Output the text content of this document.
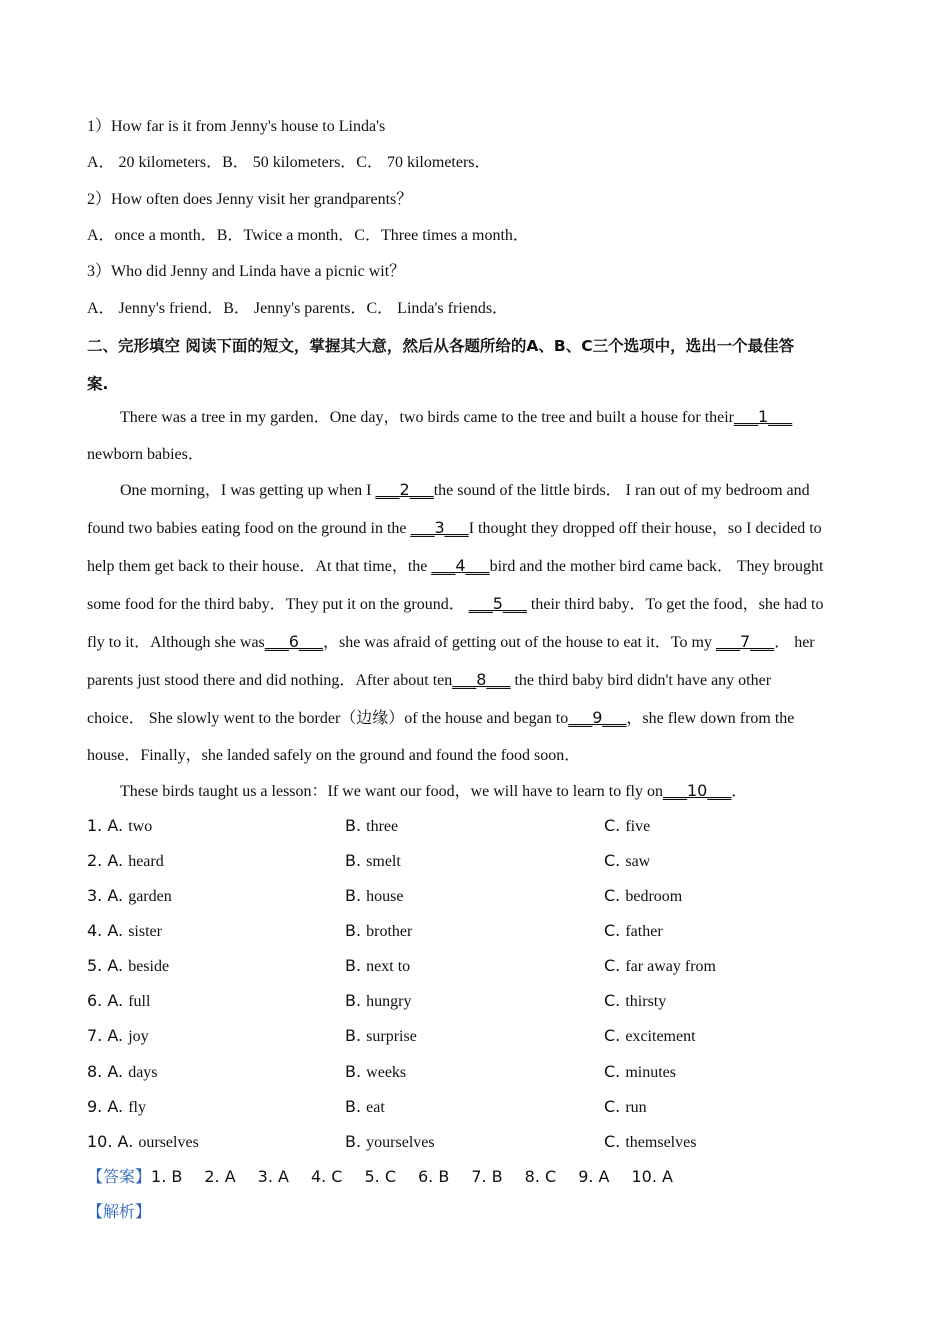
1）How far is it from Jenny's house to Linda's
A． 20 kilometers．B． 50 kilometers．C． 70 kilometers．
2）How often does Jenny visit her grandparents？
A．once a month．B．Twice a month．C．Three times a month．
3）Who did Jenny and Linda have a picnic wit？
A． Jenny's friend．B． Jenny's parents．C． Linda's friends．
二、完形填空 阅读下面的短文，掌握其大意，然后从各题所给的A、B、C三个选项中，选出一个最佳答
案.
There was a tree in my garden．One day，two birds came to the tree and built a house for their___1___
newborn babies．
One morning，I was getting up when I ___2___the sound of the little birds． I ran out of my bedroom and
found two babies eating food on the ground in the ___3___I thought they dropped off their house，so I decided to
help them get back to their house．At that time，the ___4___bird and the mother bird came back． They brought
some food for the third baby．They put it on the ground． ___5___ their third baby．To get the food，she had to
fly to it．Although she was___6___，she was afraid of getting out of the house to eat it．To my ___7___． her
parents just stood there and did nothing．After about ten___8___ the third baby bird didn't have any other
choice． She slowly went to the border（边缘）of the house and began to___9___，she flew down from the
house．Finally，she landed safely on the ground and found the food soon．
These birds taught us a lesson：If we want our food，we will have to learn to fly on___10___．
1. A. two	B. three	C. five
2. A. heard	B. smelt	C. saw
3. A. garden	B. house	C. bedroom
4. A. sister	B. brother	C. father
5. A. beside	B. next to	C. far away from
6. A. full	B. hungry	C. thirsty
7. A. joy	B. surprise	C. excitement
8. A. days	B. weeks	C. minutes
9. A. fly	B. eat	C. run
10. A. ourselves	B. yourselves	C. themselves
【答案】1. B 2. A 3. A 4. C 5. C 6. B 7. B 8. C 9. A 10. A
【解析】
